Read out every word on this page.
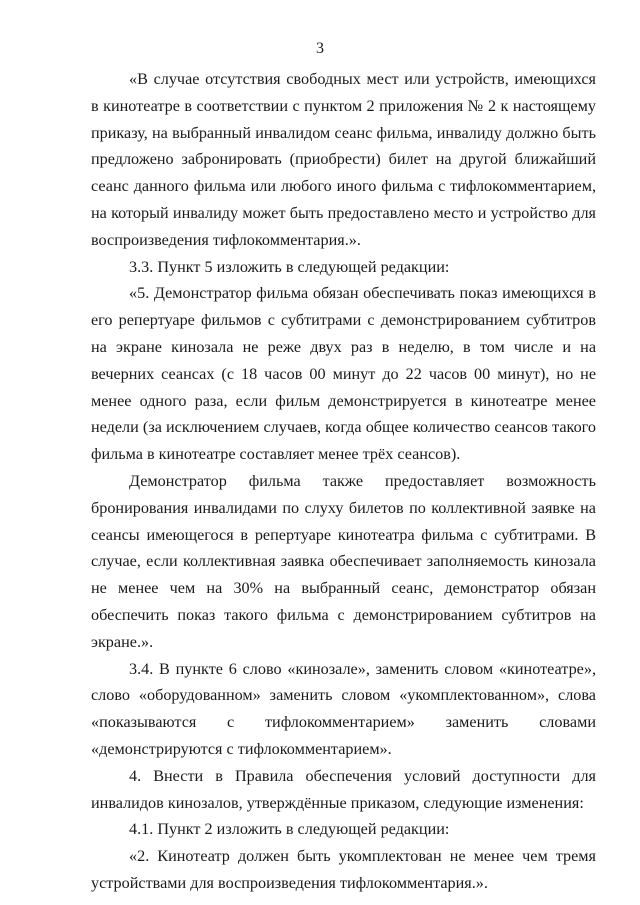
3

«В случае отсутствия свободных мест или устройств, имеющихся в кинотеатре в соответствии с пунктом 2 приложения № 2 к настоящему приказу, на выбранный инвалидом сеанс фильма, инвалиду должно быть предложено забронировать (приобрести) билет на другой ближайший сеанс данного фильма или любого иного фильма с тифлокомментарием, на который инвалиду может быть предоставлено место и устройство для воспроизведения тифлокомментария.».

3.3. Пункт 5 изложить в следующей редакции:

«5. Демонстратор фильма обязан обеспечивать показ имеющихся в его репертуаре фильмов с субтитрами с демонстрированием субтитров на экране кинозала не реже двух раз в неделю, в том числе и на вечерних сеансах (с 18 часов 00 минут до 22 часов 00 минут), но не менее одного раза, если фильм демонстрируется в кинотеатре менее недели (за исключением случаев, когда общее количество сеансов такого фильма в кинотеатре составляет менее трёх сеансов).

Демонстратор фильма также предоставляет возможность бронирования инвалидами по слуху билетов по коллективной заявке на сеансы имеющегося в репертуаре кинотеатра фильма с субтитрами. В случае, если коллективная заявка обеспечивает заполняемость кинозала не менее чем на 30% на выбранный сеанс, демонстратор обязан обеспечить показ такого фильма с демонстрированием субтитров на экране.».

3.4. В пункте 6 слово «кинозале», заменить словом «кинотеатре», слово «оборудованном» заменить словом «укомплектованном», слова «показываются с тифлокомментарием» заменить словами «демонстрируются с тифлокомментарием».

4. Внести в Правила обеспечения условий доступности для инвалидов кинозалов, утверждённые приказом, следующие изменения:

4.1. Пункт 2 изложить в следующей редакции:

«2. Кинотеатр должен быть укомплектован не менее чем тремя устройствами для воспроизведения тифлокомментария.».
